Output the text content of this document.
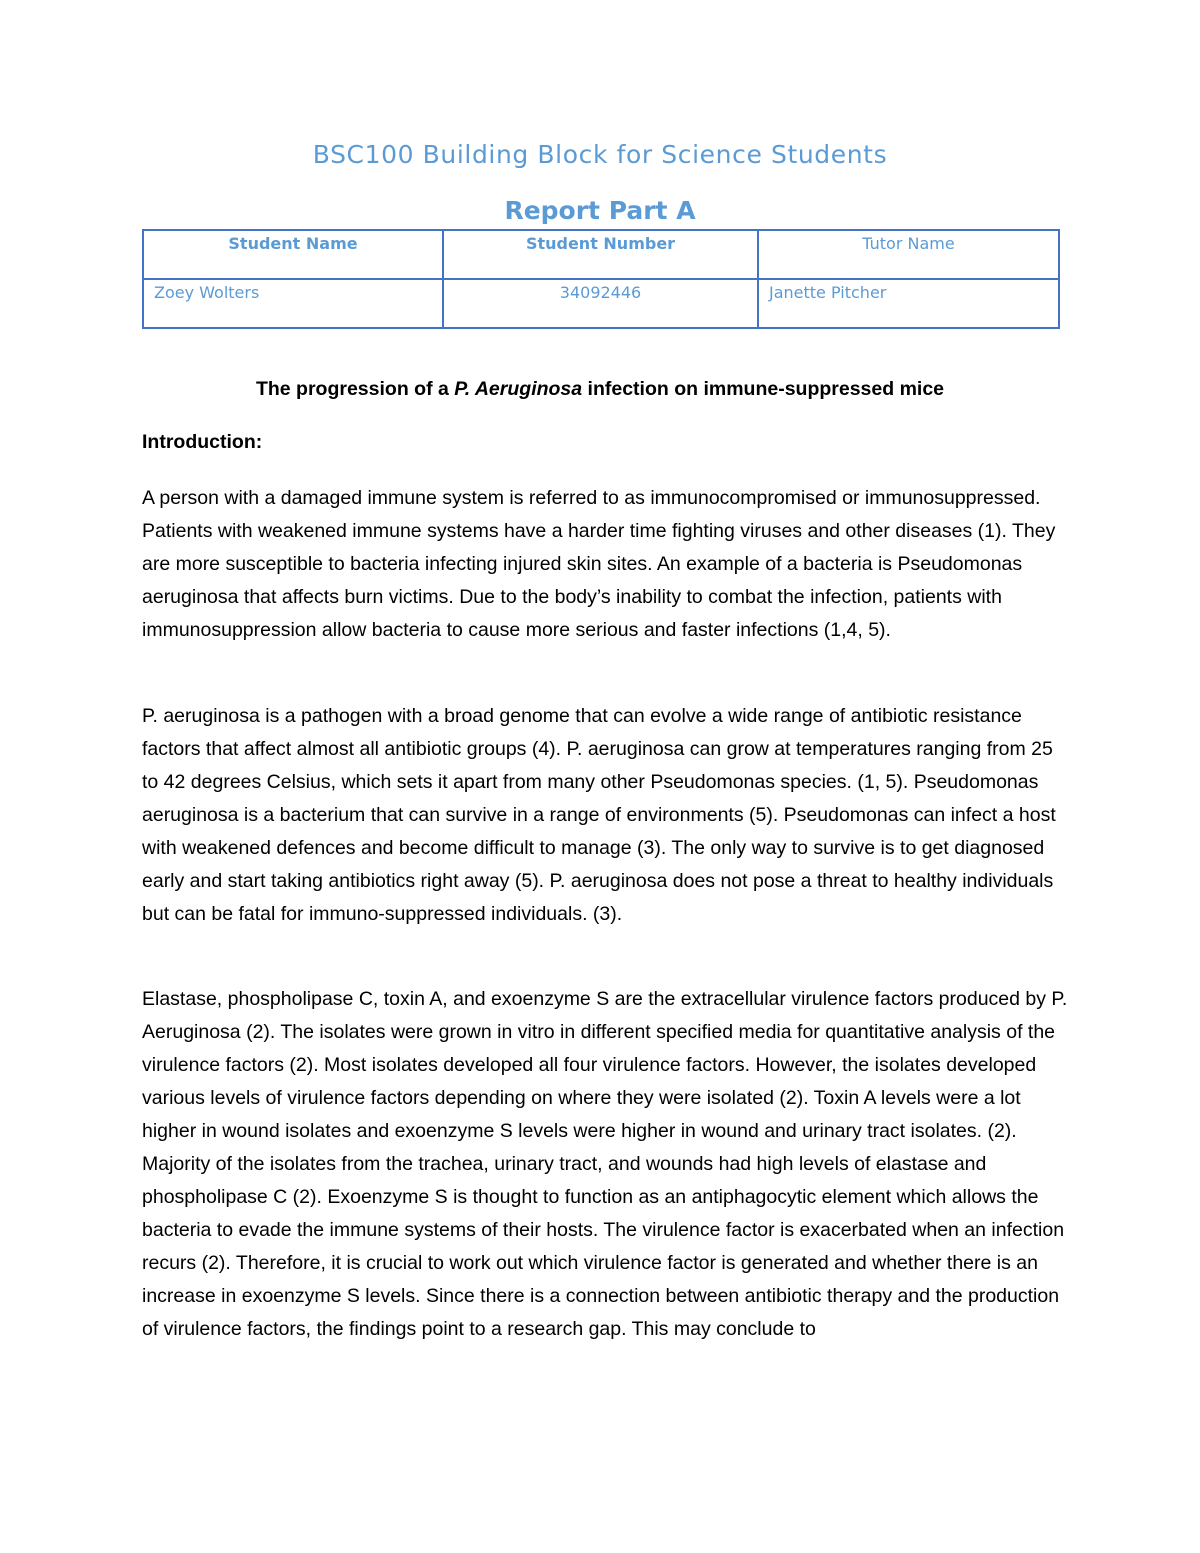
BSC100 Building Block for Science Students
Report Part A
Student Name	Student Number	Tutor Name
Zoey Wolters	34092446	Janette Pitcher

The progression of a P. Aeruginosa infection on immune-suppressed mice

Introduction:

A person with a damaged immune system is referred to as immunocompromised or immunosuppressed. Patients with weakened immune systems have a harder time fighting viruses and other diseases (1). They are more susceptible to bacteria infecting injured skin sites. An example of a bacteria is Pseudomonas aeruginosa that affects burn victims. Due to the body’s inability to combat the infection, patients with immunosuppression allow bacteria to cause more serious and faster infections (1,4, 5).

P. aeruginosa is a pathogen with a broad genome that can evolve a wide range of antibiotic resistance factors that affect almost all antibiotic groups (4). P. aeruginosa can grow at temperatures ranging from 25 to 42 degrees Celsius, which sets it apart from many other Pseudomonas species. (1, 5). Pseudomonas aeruginosa is a bacterium that can survive in a range of environments (5). Pseudomonas can infect a host with weakened defences and become difficult to manage (3). The only way to survive is to get diagnosed early and start taking antibiotics right away (5). P. aeruginosa does not pose a threat to healthy individuals but can be fatal for immuno-suppressed individuals. (3).

Elastase, phospholipase C, toxin A, and exoenzyme S are the extracellular virulence factors produced by P. Aeruginosa (2). The isolates were grown in vitro in different specified media for quantitative analysis of the virulence factors (2). Most isolates developed all four virulence factors. However, the isolates developed various levels of virulence factors depending on where they were isolated (2). Toxin A levels were a lot higher in wound isolates and exoenzyme S levels were higher in wound and urinary tract isolates. (2). Majority of the isolates from the trachea, urinary tract, and wounds had high levels of elastase and phospholipase C (2). Exoenzyme S is thought to function as an antiphagocytic element which allows the bacteria to evade the immune systems of their hosts. The virulence factor is exacerbated when an infection recurs (2). Therefore, it is crucial to work out which virulence factor is generated and whether there is an increase in exoenzyme S levels. Since there is a connection between antibiotic therapy and the production of virulence factors, the findings point to a research gap. This may conclude to
